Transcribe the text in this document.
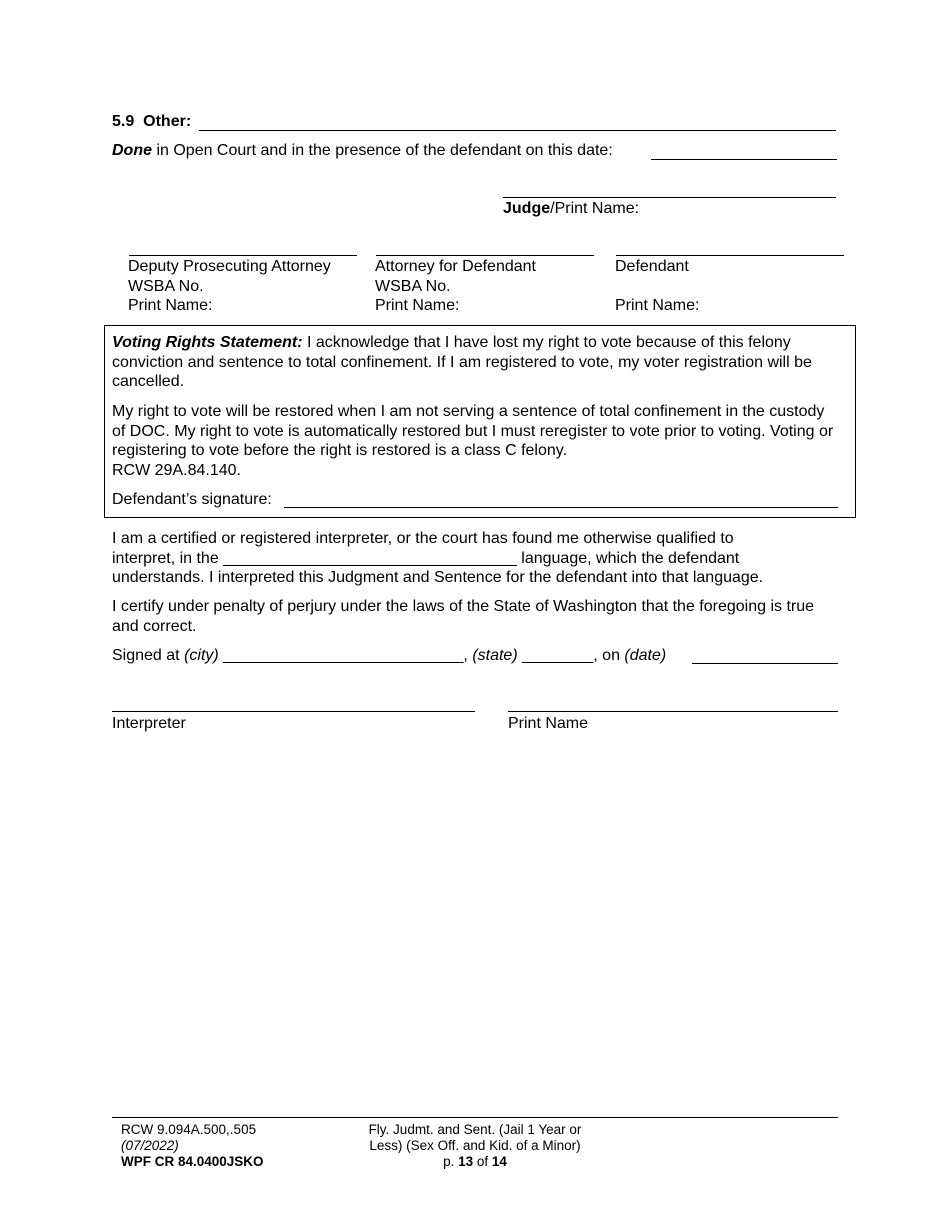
5.9 Other:
Done in Open Court and in the presence of the defendant on this date:
Judge/Print Name:
Deputy Prosecuting Attorney
WSBA No.
Print Name:
Attorney for Defendant
WSBA No.
Print Name:
Defendant
Print Name:
Voting Rights Statement: I acknowledge that I have lost my right to vote because of this felony conviction and sentence to total confinement. If I am registered to vote, my voter registration will be cancelled.
My right to vote will be restored when I am not serving a sentence of total confinement in the custody of DOC. My right to vote is automatically restored but I must reregister to vote prior to voting. Voting or registering to vote before the right is restored is a class C felony.
RCW 29A.84.140.
Defendant’s signature:
I am a certified or registered interpreter, or the court has found me otherwise qualified to
interpret, in the _________________________________ language, which the defendant
understands. I interpreted this Judgment and Sentence for the defendant into that language.
I certify under penalty of perjury under the laws of the State of Washington that the foregoing is true and correct.
Signed at (city) ___________________________, (state) ________, on (date)
Interpreter	Print Name
RCW 9.094A.500,.505
(07/2022)
WPF CR 84.0400JSKO
Fly. Judmt. and Sent. (Jail 1 Year or
Less) (Sex Off. and Kid. of a Minor)
p. 13 of 14
